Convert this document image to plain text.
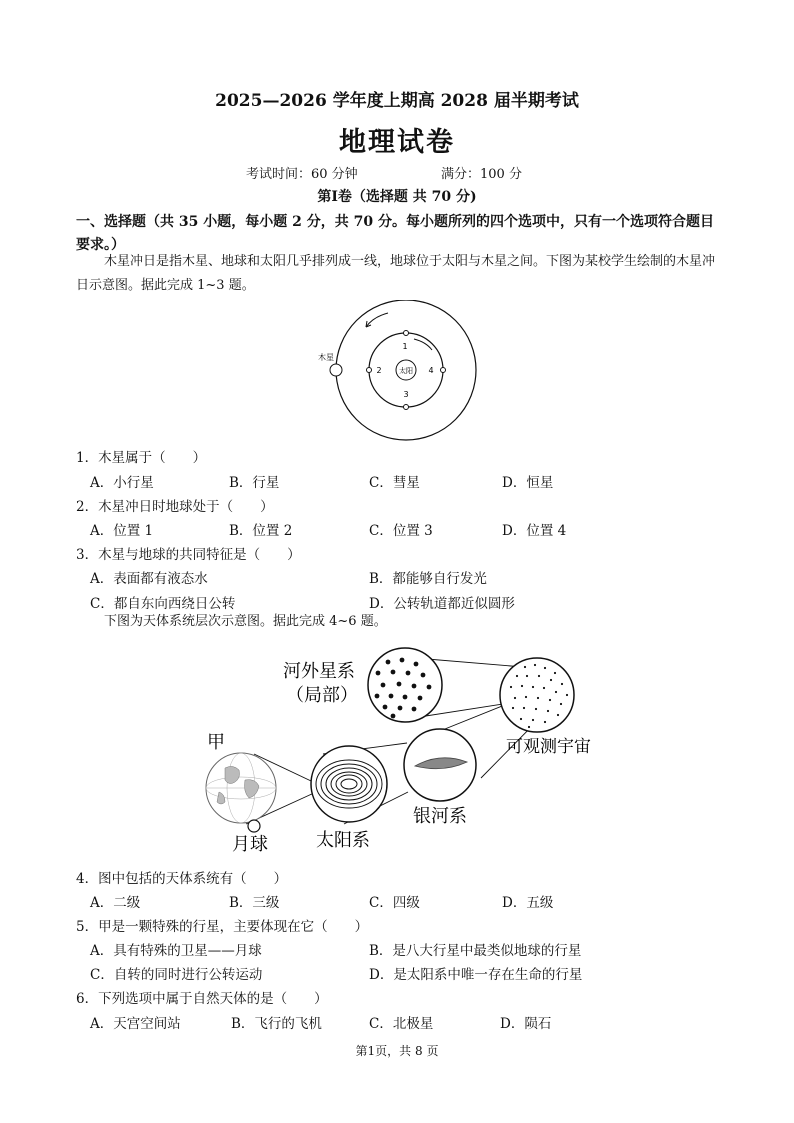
2025—2026 学年度上期高 2028 届半期考试
地理试卷
考试时间：60 分钟	满分：100 分
第Ⅰ卷（选择题 共 70 分)
一、选择题（共 35 小题，每小题 2 分，共 70 分。每小题所列的四个选项中，只有一个选项符合题目要求。）
木星冲日是指木星、地球和太阳几乎排列成一线，地球位于太阳与木星之间。下图为某校学生绘制的木星冲日示意图。据此完成 1~3 题。
太阳
木星
1
2
3
4
1．木星属于（　　）
A．小行星	B．行星	C．彗星	D．恒星
2．木星冲日时地球处于（　　）
A．位置 1	B．位置 2	C．位置 3	D．位置 4
3．木星与地球的共同特征是（　　）
A．表面都有液态水	B．都能够自行发光
C．都自东向西绕日公转	D．公转轨道都近似圆形
下图为天体系统层次示意图。据此完成 4~6 题。
河外星系
（局部）
可观测宇宙
甲
银河系
月球	太阳系
4．图中包括的天体系统有（　　）
A．二级	B．三级	C．四级	D．五级
5．甲是一颗特殊的行星，主要体现在它（　　）
A．具有特殊的卫星——月球	B．是八大行星中最类似地球的行星
C．自转的同时进行公转运动	D．是太阳系中唯一存在生命的行星
6．下列选项中属于自然天体的是（　　）
A．天宫空间站	B．飞行的飞机	C．北极星	D．陨石
第1页，共 8 页
